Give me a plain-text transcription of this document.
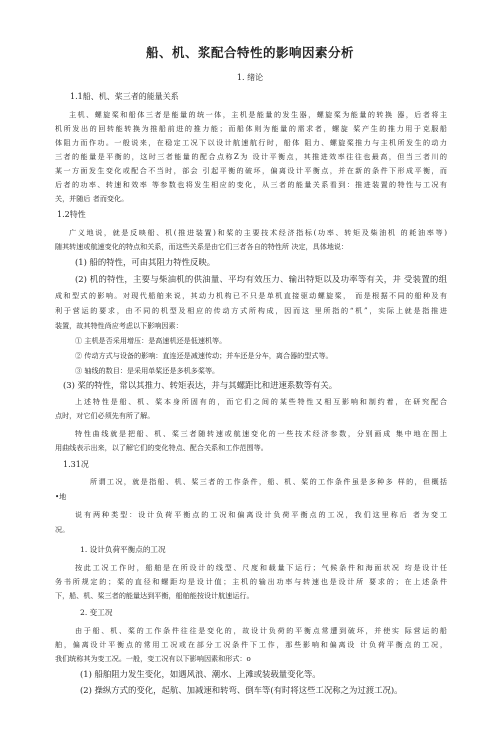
船、机、浆配合特性的影响因素分析
1. 绪论
1.1船、机、桨三者的能量关系

主机、螺旋桨和船体三者是能量的统一体，主机是能量的发生器，螺旋桨为能量的转换 器，后者将主

机所发出的回转能转换为推船前进的推力能；而船体则为能量的需求者，螺旋 桨产生的推力用于克服船

体阻力而作功。一般说来，在稳定工况下以设计航速航行时，船体 阻力、螺旋桨推力与主机所发生的动力

三者的能量是平衡的，这时三者能量的配合点称Z为 设计平衡点，其推进效率往往也最高，但当三者川的

某一方面发生变化或配合不当时，部会 引起平衡的破坏，偏离设计平衡点，并在新的条件下形成平衡，而

后者的功率、转速和效率 等参数也将发生相应的变化，从三者的能量关系看到：推进装置的特性与工况有

关，并随后 者而变化。

1.2特性

广义地说，就是反映船、机(推进装置)和桨的主要技术经济指标(功率、转矩及柴油机 的耗油率等)

随其转速或航速变化的特点和关系，而这些关系是由它们三者各自的特性所 决定，具体地说：

(1) 船的特性，可由其阻力特性反映。

(2) 机的特性，主要与柴油机的供油量、平均有效压力、输出特矩以及功率等有关，并 受装置的组

成和型式的影响。对现代船舶来说，其动力机构已不只是单机直接驱动螺旋桨， 而是根据不同的船种及有

利于营运的要求，由不同的机型及相应的传动方式所构成，因而这 里所指的“机”，实际上就是指推进

装置，故其特性尚应考虑以下影响因素：

① 主机是否采用增压：是高速机还是低速机等。

② 传动方式与设备的影响：直连还是减速传动；并车还是分车，离合器的型式等。

③ 轴线的数目：是采用单桨还是多机多桨等。

(3) 桨的特性，常以其推力、转矩表达，并与其螺距比和进速系数等有关。

上述特性是船、机、桨本身所固有的，而它们之间的某些特性又相互影响和制约着，在研究配合

点时，对它们必须先有所了解。

特性曲线就是把船、机、桨三者随转速或航速变化的一些技术经济参数，分别画成 集中地在图上

用曲线表示出来，以了解它们的变化特点、配合关系和工作范围等。

1.31况

所谓工况，就是指船、机、桨三者的工作条件，船、机、桨的工作条件虽是多种多 样的，但概括

•地

说有两种类型：设计负荷平衡点的工况和偏离设计负荷平衡点的工况，我们这里称后 者为变工

况。

1. 设计负荷平衡点的工况

按此工况工作时，船舶是在所设计的线型、尺度和载量下运行；气候条件和海面状况 均是设计任

务书所规定的；桨的直径和螺距均是设计值；主机的输出功率与转速也是设计所 要求的；在上述条件

下，船、机、桨三者的能量达到平衡，船舶能按设计航速运行。

2. 变工况

由于船、机、桨的工作条件往往是变化的，故设计负荷的平衡点常遭到破坏，并使实 际营运的船

舶，偏离设计平衡点的常用工况或在部分工况条件下工作，那些影响和偏离设 计负荷平衡点的工况，

我们统称其为变工况。一般，变工况有以下影响因素和形式：o

(1) 船舶阻力发生变化，如遇风浪、潮水、上滩或装载量变化等。

(2) 操纵方式的变化，起航、加减速和转弯、倒车等(有时将这些工况称之为过渡工况)。
